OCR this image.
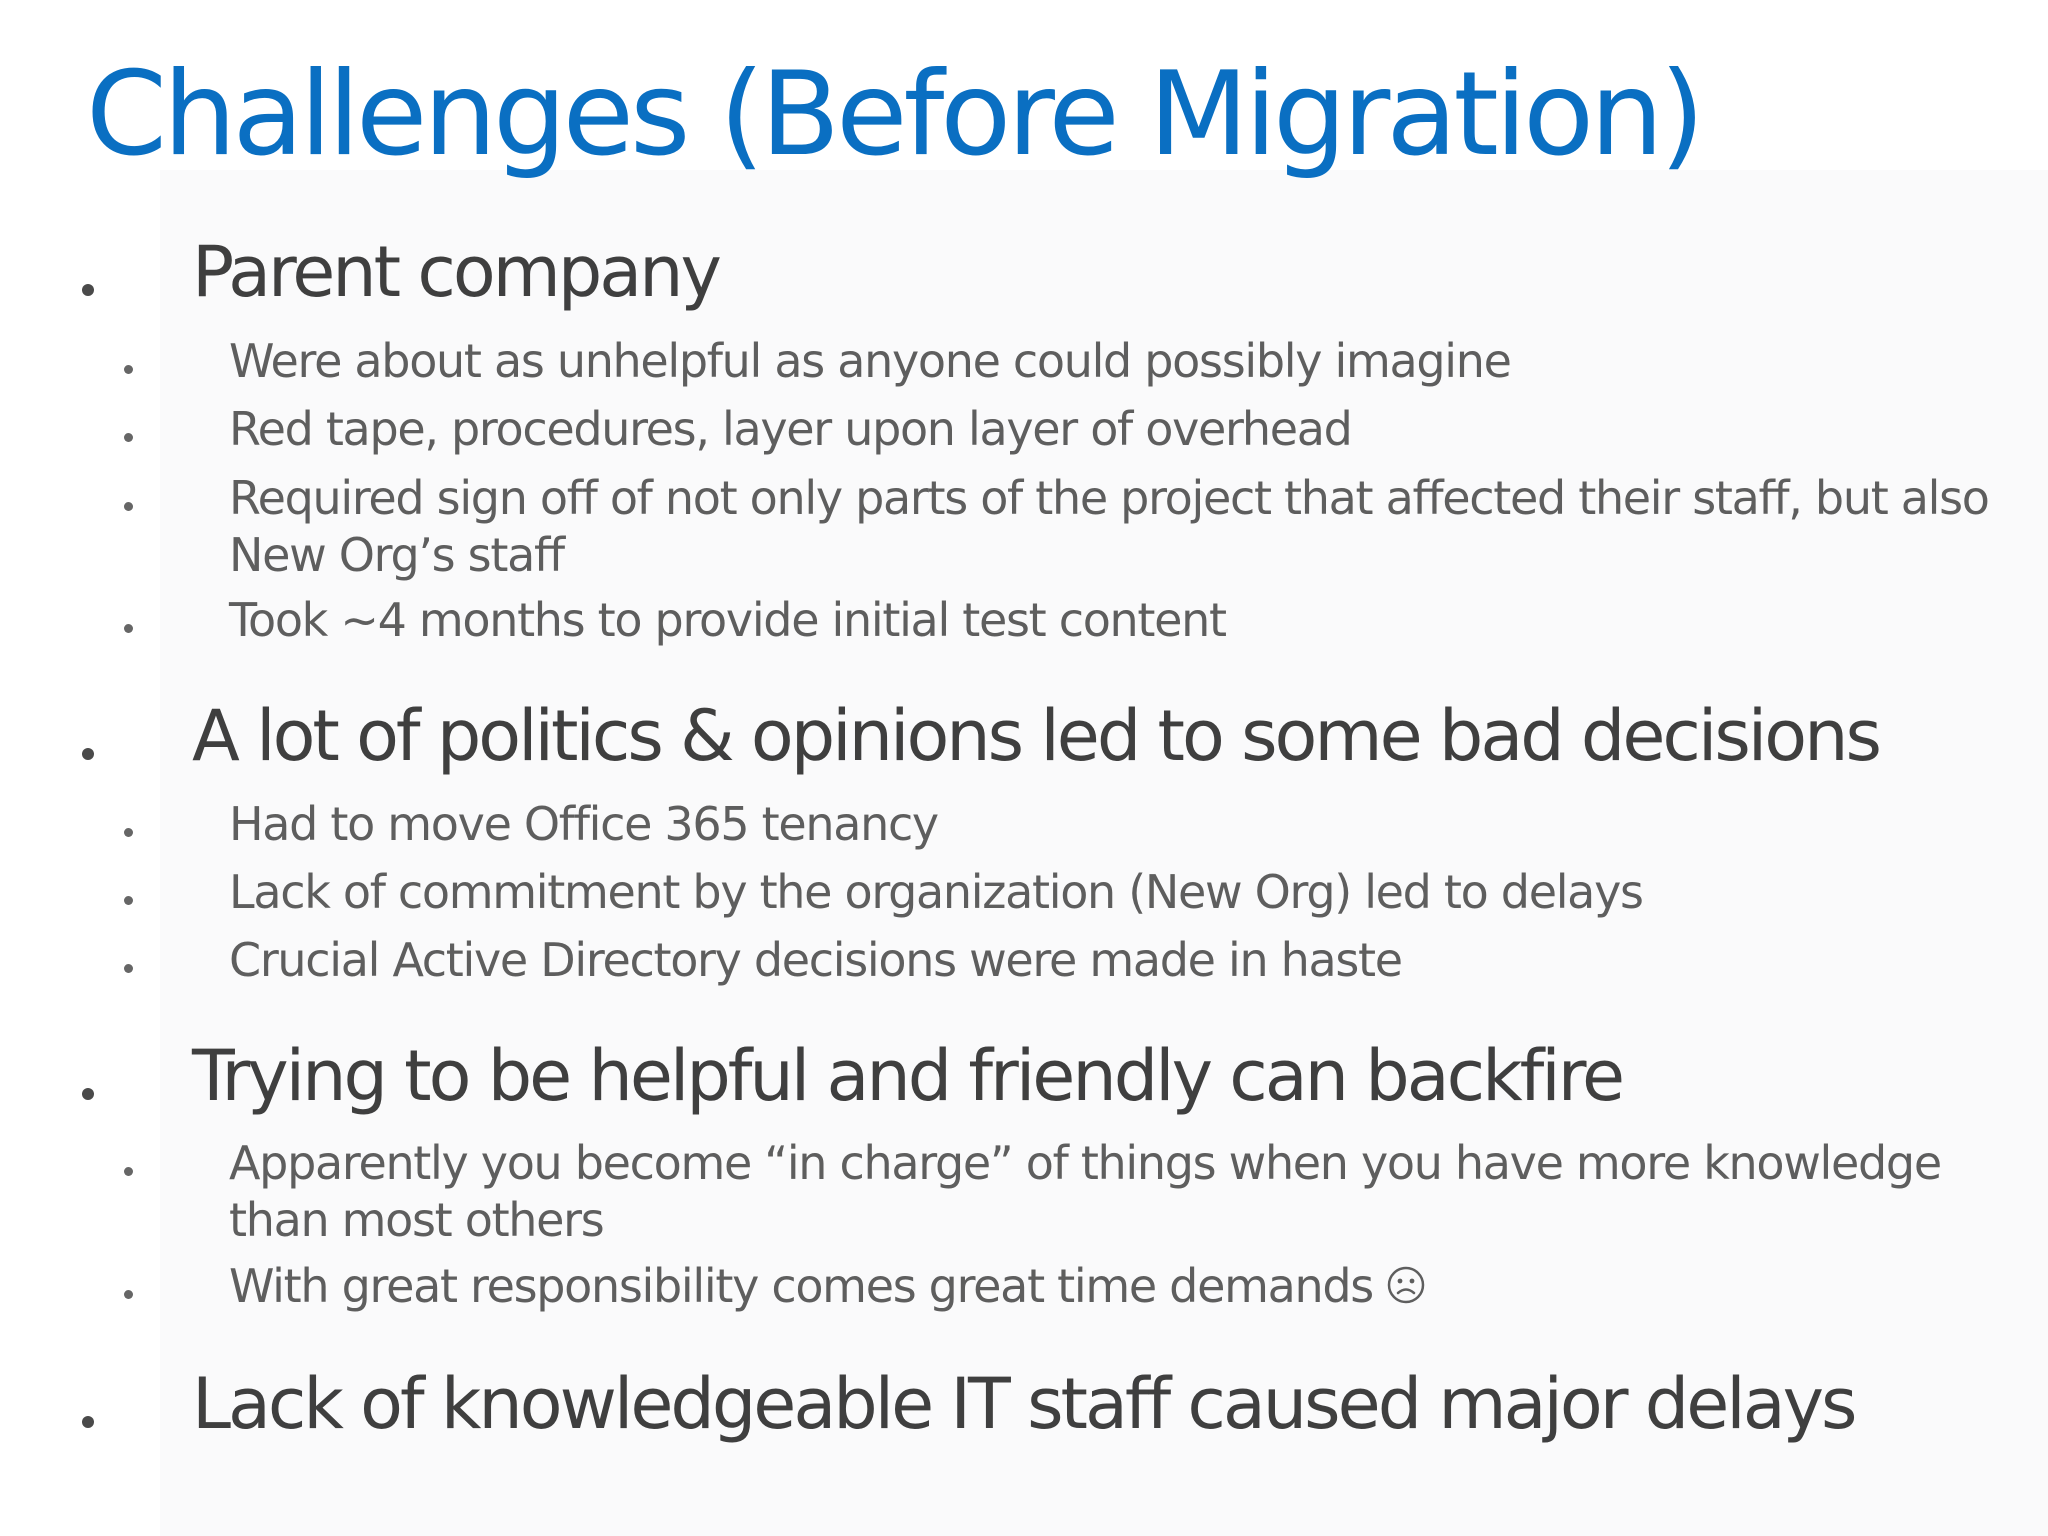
Challenges (Before Migration)
Parent company
Were about as unhelpful as anyone could possibly imagine
Red tape, procedures, layer upon layer of overhead
Required sign off of not only parts of the project that affected their staff, but also New Org’s staff
Took ~4 months to provide initial test content
A lot of politics & opinions led to some bad decisions
Had to move Office 365 tenancy
Lack of commitment by the organization (New Org) led to delays
Crucial Active Directory decisions were made in haste
Trying to be helpful and friendly can backfire
Apparently you become “in charge” of things when you have more knowledge than most others
With great responsibility comes great time demands
Lack of knowledgeable IT staff caused major delays
